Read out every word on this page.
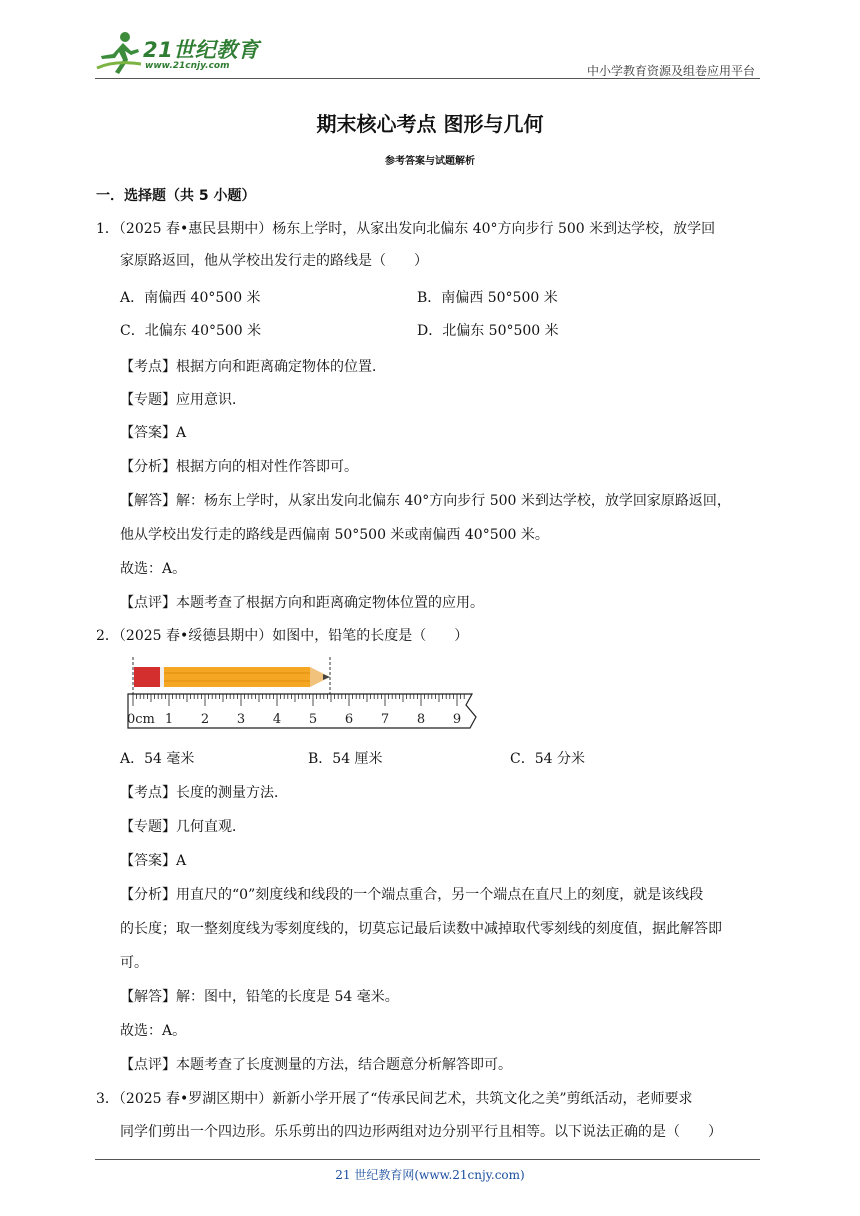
21世纪教育
www.21cnjy.com	中小学教育资源及组卷应用平台
期末核心考点 图形与几何
参考答案与试题解析
一．选择题（共 5 小题）
1．（2025 春•惠民县期中）杨东上学时，从家出发向北偏东 40°方向步行 500 米到达学校，放学回
家原路返回，他从学校出发行走的路线是（　　）
A．南偏西 40°500 米	B．南偏西 50°500 米
C．北偏东 40°500 米	D．北偏东 50°500 米
【考点】根据方向和距离确定物体的位置．
【专题】应用意识．
【答案】A
【分析】根据方向的相对性作答即可。
【解答】解：杨东上学时，从家出发向北偏东 40°方向步行 500 米到达学校，放学回家原路返回，
他从学校出发行走的路线是西偏南 50°500 米或南偏西 40°500 米。
故选：A。
【点评】本题考查了根据方向和距离确定物体位置的应用。
2．（2025 春•绥德县期中）如图中，铅笔的长度是（　　）
0cm 1 2 3 4 5 6 7 8 9
A．54 毫米	B．54 厘米	C．54 分米
【考点】长度的测量方法．
【专题】几何直观．
【答案】A
【分析】用直尺的“0”刻度线和线段的一个端点重合，另一个端点在直尺上的刻度，就是该线段
的长度；取一整刻度线为零刻度线的，切莫忘记最后读数中减掉取代零刻线的刻度值，据此解答即
可。
【解答】解：图中，铅笔的长度是 54 毫米。
故选：A。
【点评】本题考查了长度测量的方法，结合题意分析解答即可。
3．（2025 春•罗湖区期中）新新小学开展了“传承民间艺术，共筑文化之美”剪纸活动，老师要求
同学们剪出一个四边形。乐乐剪出的四边形两组对边分别平行且相等。以下说法正确的是（　　）
21 世纪教育网(www.21cnjy.com)
